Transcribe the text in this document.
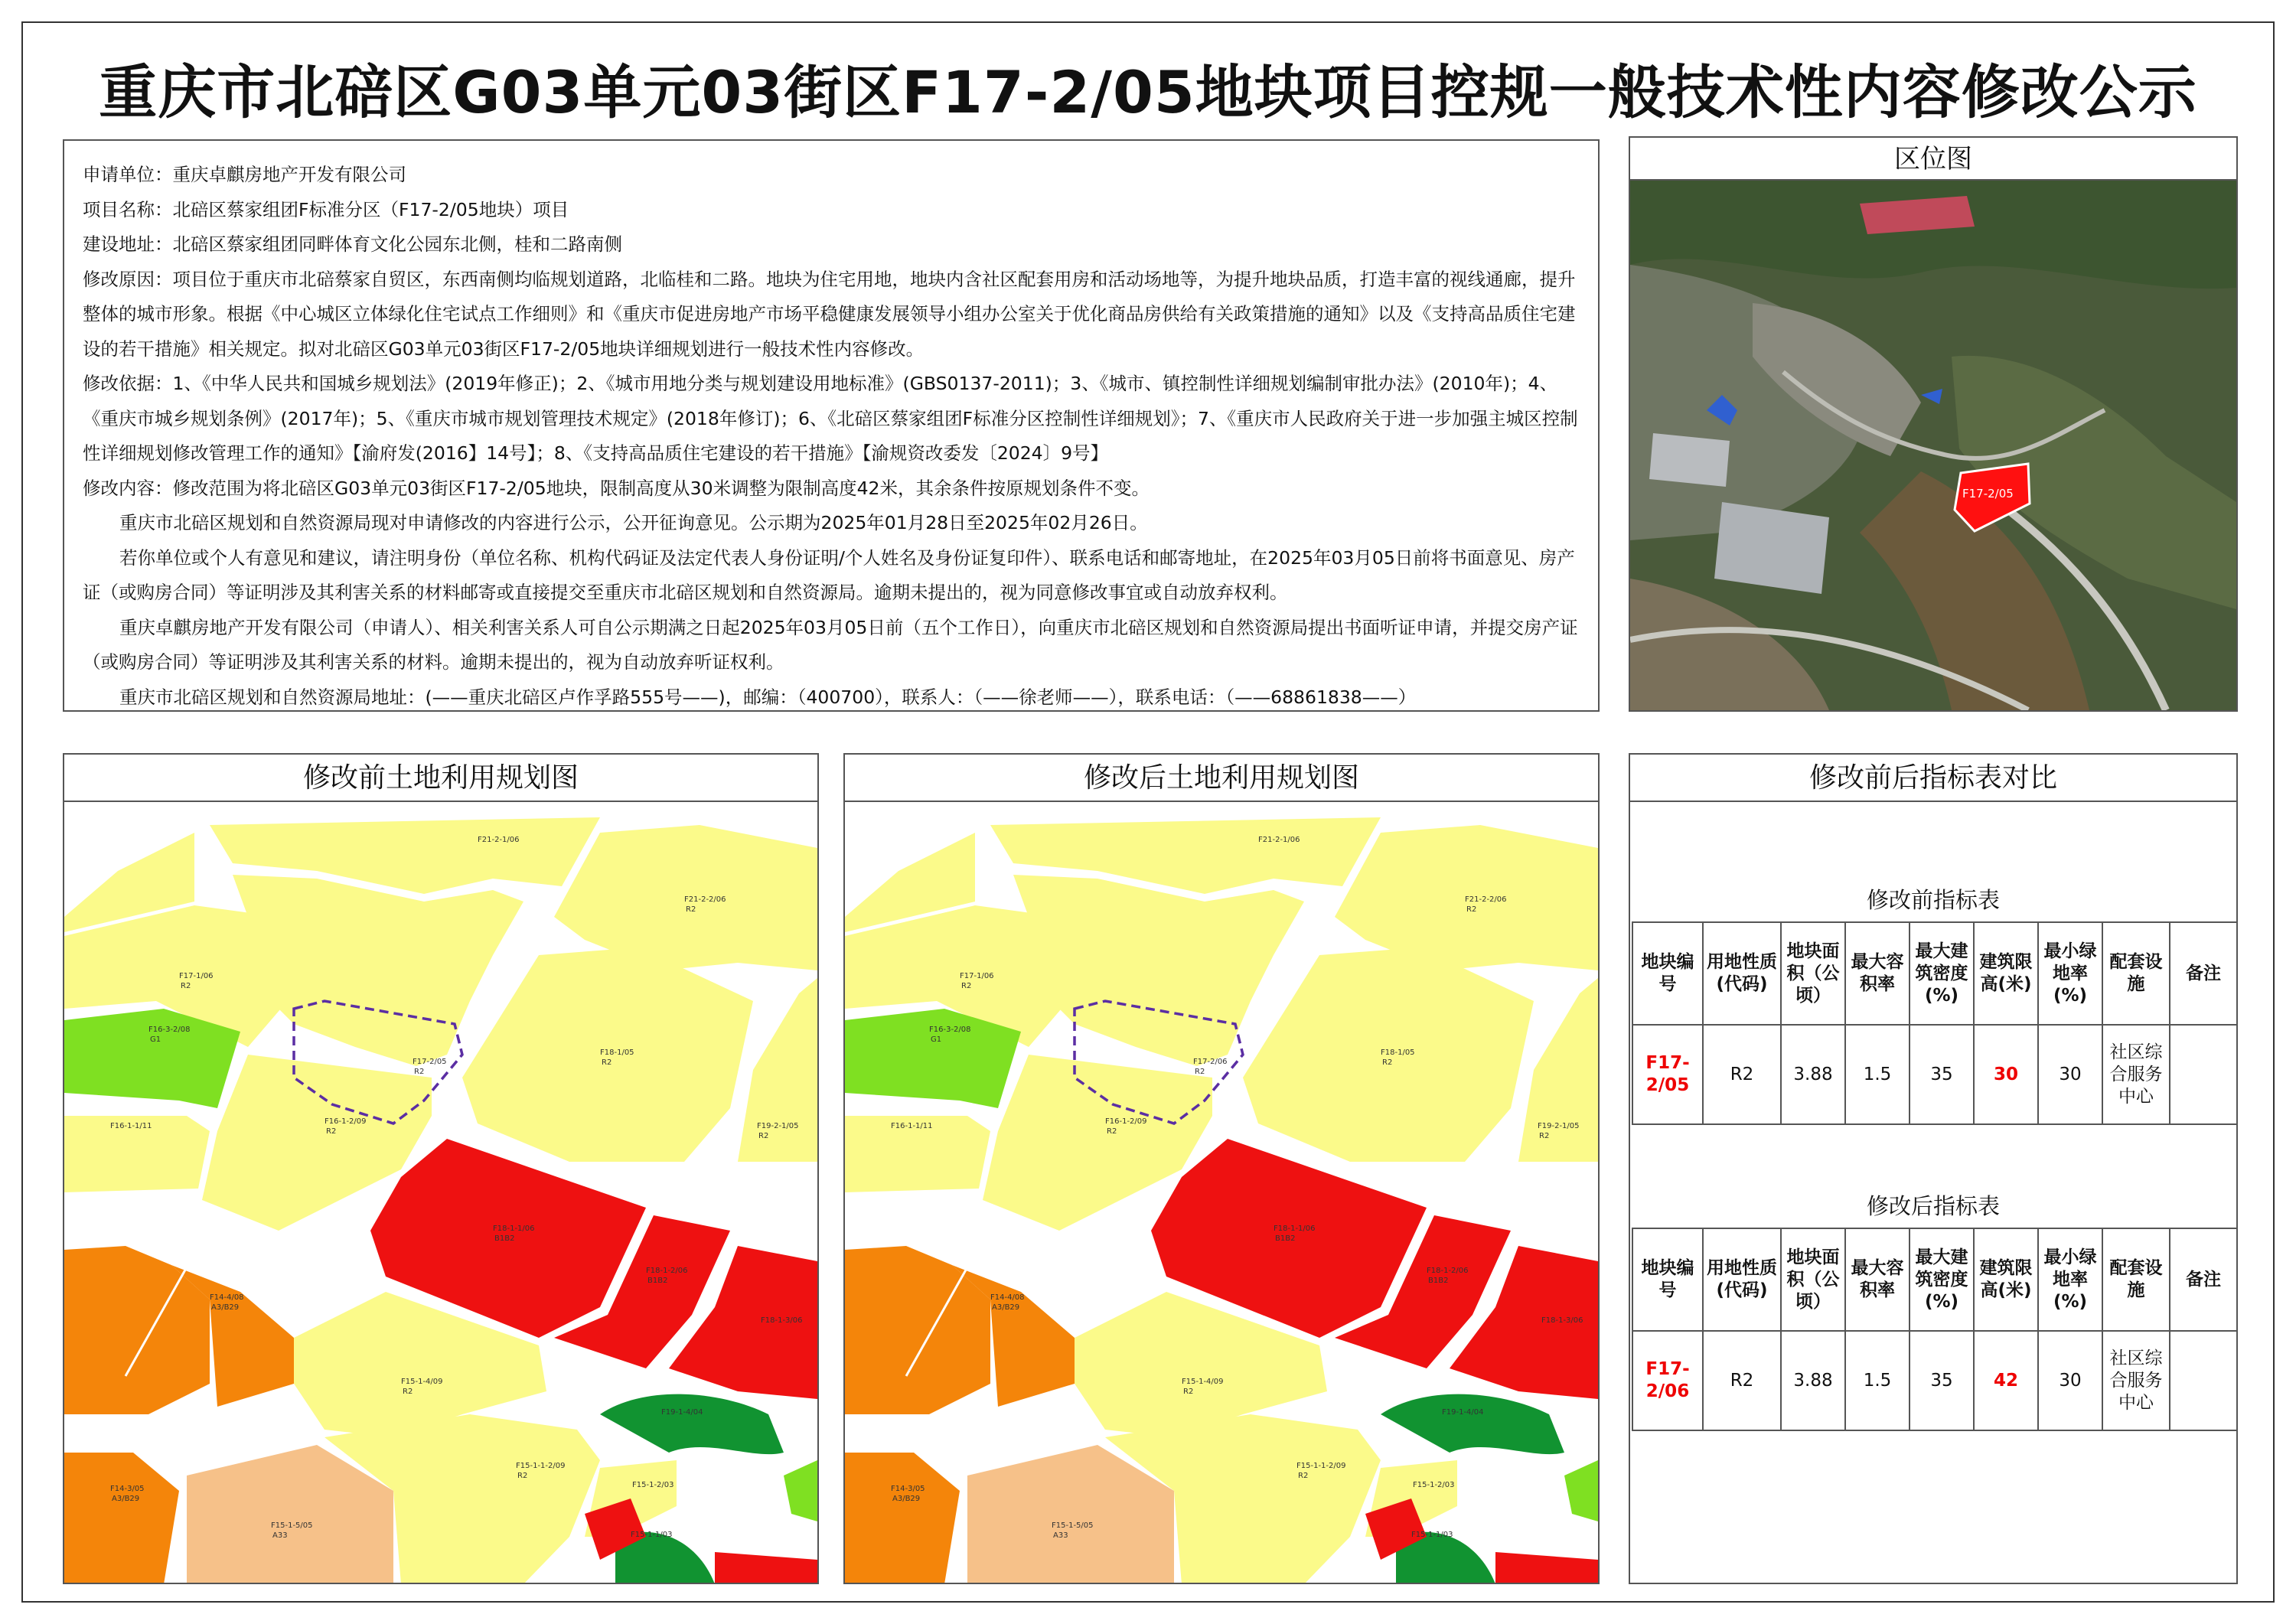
重庆市北碚区G03单元03街区F17-2/05地块项目控规一般技术性内容修改公示

申请单位：重庆卓麒房地产开发有限公司

项目名称：北碚区蔡家组团F标准分区（F17-2/05地块）项目

建设地址：北碚区蔡家组团同畔体育文化公园东北侧，桂和二路南侧

修改原因：项目位于重庆市北碚蔡家自贸区，东西南侧均临规划道路，北临桂和二路。地块为住宅用地，地块内含社区配套用房和活动场地等，为提升地块品质，打造丰富的视线通廊，提升整体的城市形象。根据《中心城区立体绿化住宅试点工作细则》和《重庆市促进房地产市场平稳健康发展领导小组办公室关于优化商品房供给有关政策措施的通知》以及《支持高品质住宅建设的若干措施》相关规定。拟对北碚区G03单元03街区F17-2/05地块详细规划进行一般技术性内容修改。

修改依据：1、《中华人民共和国城乡规划法》(2019年修正)；2、《城市用地分类与规划建设用地标准》(GBS0137-2011)；3、《城市、镇控制性详细规划编制审批办法》(2010年)；4、《重庆市城乡规划条例》(2017年)；5、《重庆市城市规划管理技术规定》(2018年修订)；6、《北碚区蔡家组团F标准分区控制性详细规划》；7、《重庆市人民政府关于进一步加强主城区控制性详细规划修改管理工作的通知》【渝府发(2016】14号】；8、《支持高品质住宅建设的若干措施》【渝规资改委发〔2024〕9号】

修改内容：修改范围为将北碚区G03单元03街区F17-2/05地块，限制高度从30米调整为限制高度42米，其余条件按原规划条件不变。

重庆市北碚区规划和自然资源局现对申请修改的内容进行公示，公开征询意见。公示期为2025年01月28日至2025年02月26日。

若你单位或个人有意见和建议，请注明身份（单位名称、机构代码证及法定代表人身份证明/个人姓名及身份证复印件）、联系电话和邮寄地址，在2025年03月05日前将书面意见、房产证（或购房合同）等证明涉及其利害关系的材料邮寄或直接提交至重庆市北碚区规划和自然资源局。逾期未提出的，视为同意修改事宜或自动放弃权利。

重庆卓麒房地产开发有限公司（申请人）、相关利害关系人可自公示期满之日起2025年03月05日前（五个工作日），向重庆市北碚区规划和自然资源局提出书面听证申请，并提交房产证（或购房合同）等证明涉及其利害关系的材料。逾期未提出的，视为自动放弃听证权利。

重庆市北碚区规划和自然资源局地址：(——重庆北碚区卢作孚路555号——)，邮编：（400700），联系人：（——徐老师——），联系电话：（——68861838——）

区位图
F17-2/05
修改前土地利用规划图
F21-2-1/06
F17-1/06
R2
F17-2/05
R2
F21-2-2/06
R2
F16-3-2/08
G1
F18-1/05
R2
F16-1-2/09
R2
F16-1-1/11	F19-2-1/05
R2
F18-1-1/06
B1B2
F18-1-2/06
B1B2
F18-1-3/06
F14-4/08
A3/B29
F15-1-4/09
R2
F14-3/05
A3/B29
F15-1-1-2/09
R2
F19-1-4/04
F15-1-5/05
A33
F15-1-2/03
F15-1-1/03
修改后土地利用规划图
F21-2-1/06
F17-1/06
R2
F17-2/06
R2
F21-2-2/06
R2
F16-3-2/08
G1
F18-1/05
R2
F16-1-2/09
R2
F16-1-1/11	F19-2-1/05
R2
F18-1-1/06
B1B2
F18-1-2/06
B1B2
F18-1-3/06
F14-4/08
A3/B29
F15-1-4/09
R2
F14-3/05
A3/B29
F15-1-1-2/09
R2
F19-1-4/04
F15-1-5/05
A33
F15-1-2/03
F15-1-1/03
修改前后指标表对比
修改前指标表
地块编号	用地性质(代码)	地块面积（公顷）	最大容积率	最大建筑密度(%)	建筑限高(米)	最小绿地率(%)	配套设施	备注
F17-2/05	R2	3.88	1.5	35	30	30	社区综合服务中心	
修改后指标表
地块编号	用地性质(代码)	地块面积（公顷）	最大容积率	最大建筑密度(%)	建筑限高(米)	最小绿地率(%)	配套设施	备注
F17-2/06	R2	3.88	1.5	35	42	30	社区综合服务中心	
